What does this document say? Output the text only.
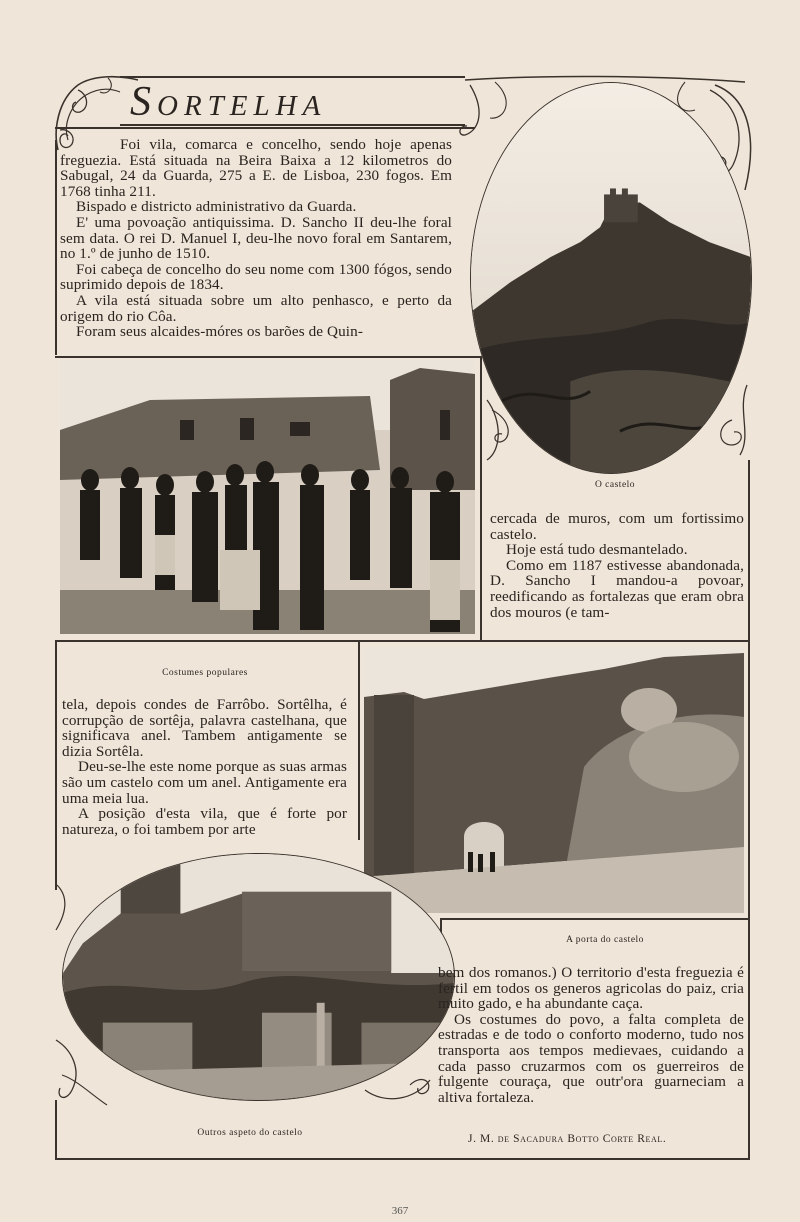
Sortelha

Foi vila, comarca e concelho, sendo hoje apenas freguezia. Está situada na Beira Baixa a 12 kilometros do Sabugal, 24 da Guarda, 275 a E. de Lisboa, 230 fogos. Em 1768 tinha 211.

Bispado e districto administrativo da Guarda.

E' uma povoação antiquissima. D. Sancho II deu-lhe foral sem data. O rei D. Manuel I, deu-lhe novo foral em Santarem, no 1.º de junho de 1510.

Foi cabeça de concelho do seu nome com 1300 fógos, sendo suprimido depois de 1834.

A vila está situada sobre um alto penhasco, e perto da origem do rio Côa.

Foram seus alcaides-móres os barões de Quin-

O castelo
Costumes populares

cercada de muros, com um fortissimo castelo.

Hoje está tudo desmantelado.

Como em 1187 estivesse abandonada, D. Sancho I mandou-a povoar, reedificando as fortalezas que eram obra dos mouros (e tam-

tela, depois condes de Farrôbo. Sortêlha, é corrupção de sortêja, palavra castelhana, que significava anel. Tambem antigamente se dizia Sortêla.

Deu-se-lhe este nome porque as suas armas são um castelo com um anel. Antigamente era uma meia lua.

A posição d'esta vila, que é forte por natureza, o foi tambem por arte

A porta do castelo
Outros aspeto do castelo

bem dos romanos.) O territorio d'esta freguezia é fertil em todos os generos agricolas do paiz, cria muito gado, e ha abundante caça.

Os costumes do povo, a falta completa de estradas e de todo o conforto moderno, tudo nos transporta aos tempos medievaes, cuidando a cada passo cruzarmos com os guerreiros de fulgente couraça, que outr'ora guarneciam a altiva fortaleza.

J. M. de Sacadura Botto Corte Real.
367
